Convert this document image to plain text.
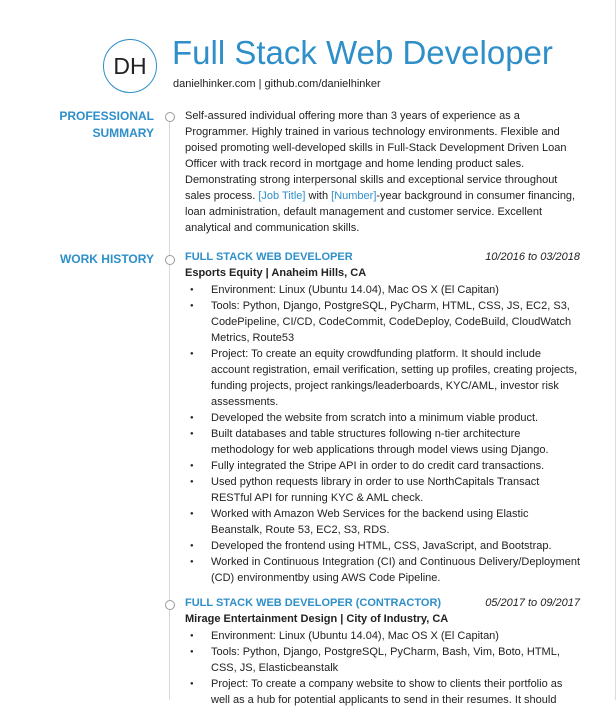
DH Full Stack Web Developer
danielhinker.com | github.com/danielhinker
PROFESSIONAL
SUMMARY
Self-assured individual offering more than 3 years of experience as a Programmer. Highly trained in various technology environments. Flexible and poised promoting well-developed skills in Full-Stack Development Driven Loan Officer with track record in mortgage and home lending product sales. Demonstrating strong interpersonal skills and exceptional service throughout sales process. [Job Title] with [Number]-year background in consumer financing, loan administration, default management and customer service. Excellent analytical and communication skills.
WORK HISTORY	FULL STACK WEB DEVELOPER	10/2016 to 03/2018
Esports Equity | Anaheim Hills, CA
● Environment: Linux (Ubuntu 14.04), Mac OS X (El Capitan)
● Tools: Python, Django, PostgreSQL, PyCharm, HTML, CSS, JS, EC2, S3, CodePipeline, CI/CD, CodeCommit, CodeDeploy, CodeBuild, CloudWatch Metrics, Route53
● Project: To create an equity crowdfunding platform. It should include account registration, email verification, setting up profiles, creating projects, funding projects, project rankings/leaderboards, KYC/AML, investor risk assessments.
● Developed the website from scratch into a minimum viable product.
● Built databases and table structures following n-tier architecture methodology for web applications through model views using Django.
● Fully integrated the Stripe API in order to do credit card transactions.
● Used python requests library in order to use NorthCapitals Transact RESTful API for running KYC & AML check.
● Worked with Amazon Web Services for the backend using Elastic Beanstalk, Route 53, EC2, S3, RDS.
● Developed the frontend using HTML, CSS, JavaScript, and Bootstrap.
● Worked in Continuous Integration (CI) and Continuous Delivery/Deployment (CD) environmentby using AWS Code Pipeline.
FULL STACK WEB DEVELOPER (CONTRACTOR)	05/2017 to 09/2017
Mirage Entertainment Design | City of Industry, CA
● Environment: Linux (Ubuntu 14.04), Mac OS X (El Capitan)
● Tools: Python, Django, PostgreSQL, PyCharm, Bash, Vim, Boto, HTML, CSS, JS, Elasticbeanstalk
● Project: To create a company website to show to clients their portfolio as well as a hub for potential applicants to send in their resumes. It should
